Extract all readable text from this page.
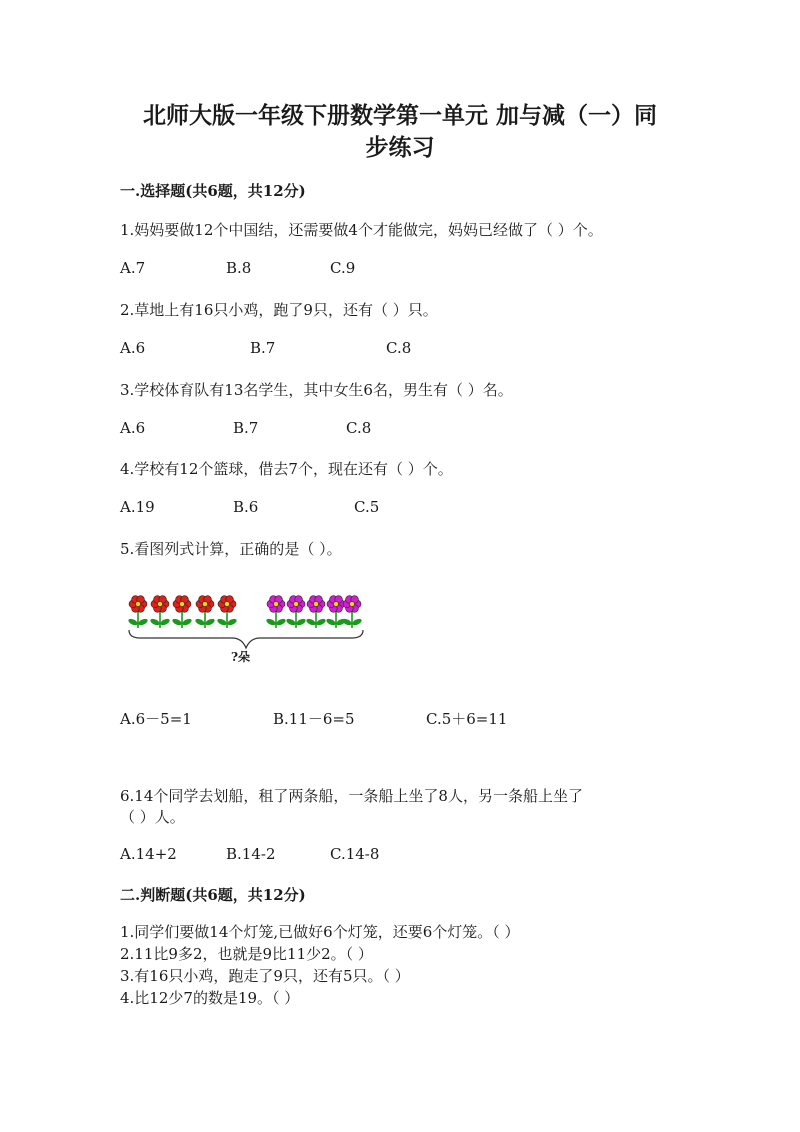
北师大版一年级下册数学第一单元 加与减（一）同
步练习
一.选择题(共6题，共12分)
1.妈妈要做12个中国结，还需要做4个才能做完，妈妈已经做了（ ）个。
A.7	B.8	C.9
2.草地上有16只小鸡，跑了9只，还有（ ）只。
A.6	B.7	C.8
3.学校体育队有13名学生，其中女生6名，男生有（ ）名。
A.6	B.7	C.8
4.学校有12个篮球，借去7个，现在还有（ ）个。
A.19	B.6	C.5
5.看图列式计算，正确的是（ ）。
?朵
A.6－5=1	B.11－6=5	C.5＋6=11
6.14个同学去划船，租了两条船，一条船上坐了8人，另一条船上坐了
（ ）人。
A.14+2	B.14-2	C.14-8
二.判断题(共6题，共12分)
1.同学们要做14个灯笼,已做好6个灯笼，还要6个灯笼。（ ）
2.11比9多2，也就是9比11少2。（ ）
3.有16只小鸡，跑走了9只，还有5只。（ ）
4.比12少7的数是19。（ ）
